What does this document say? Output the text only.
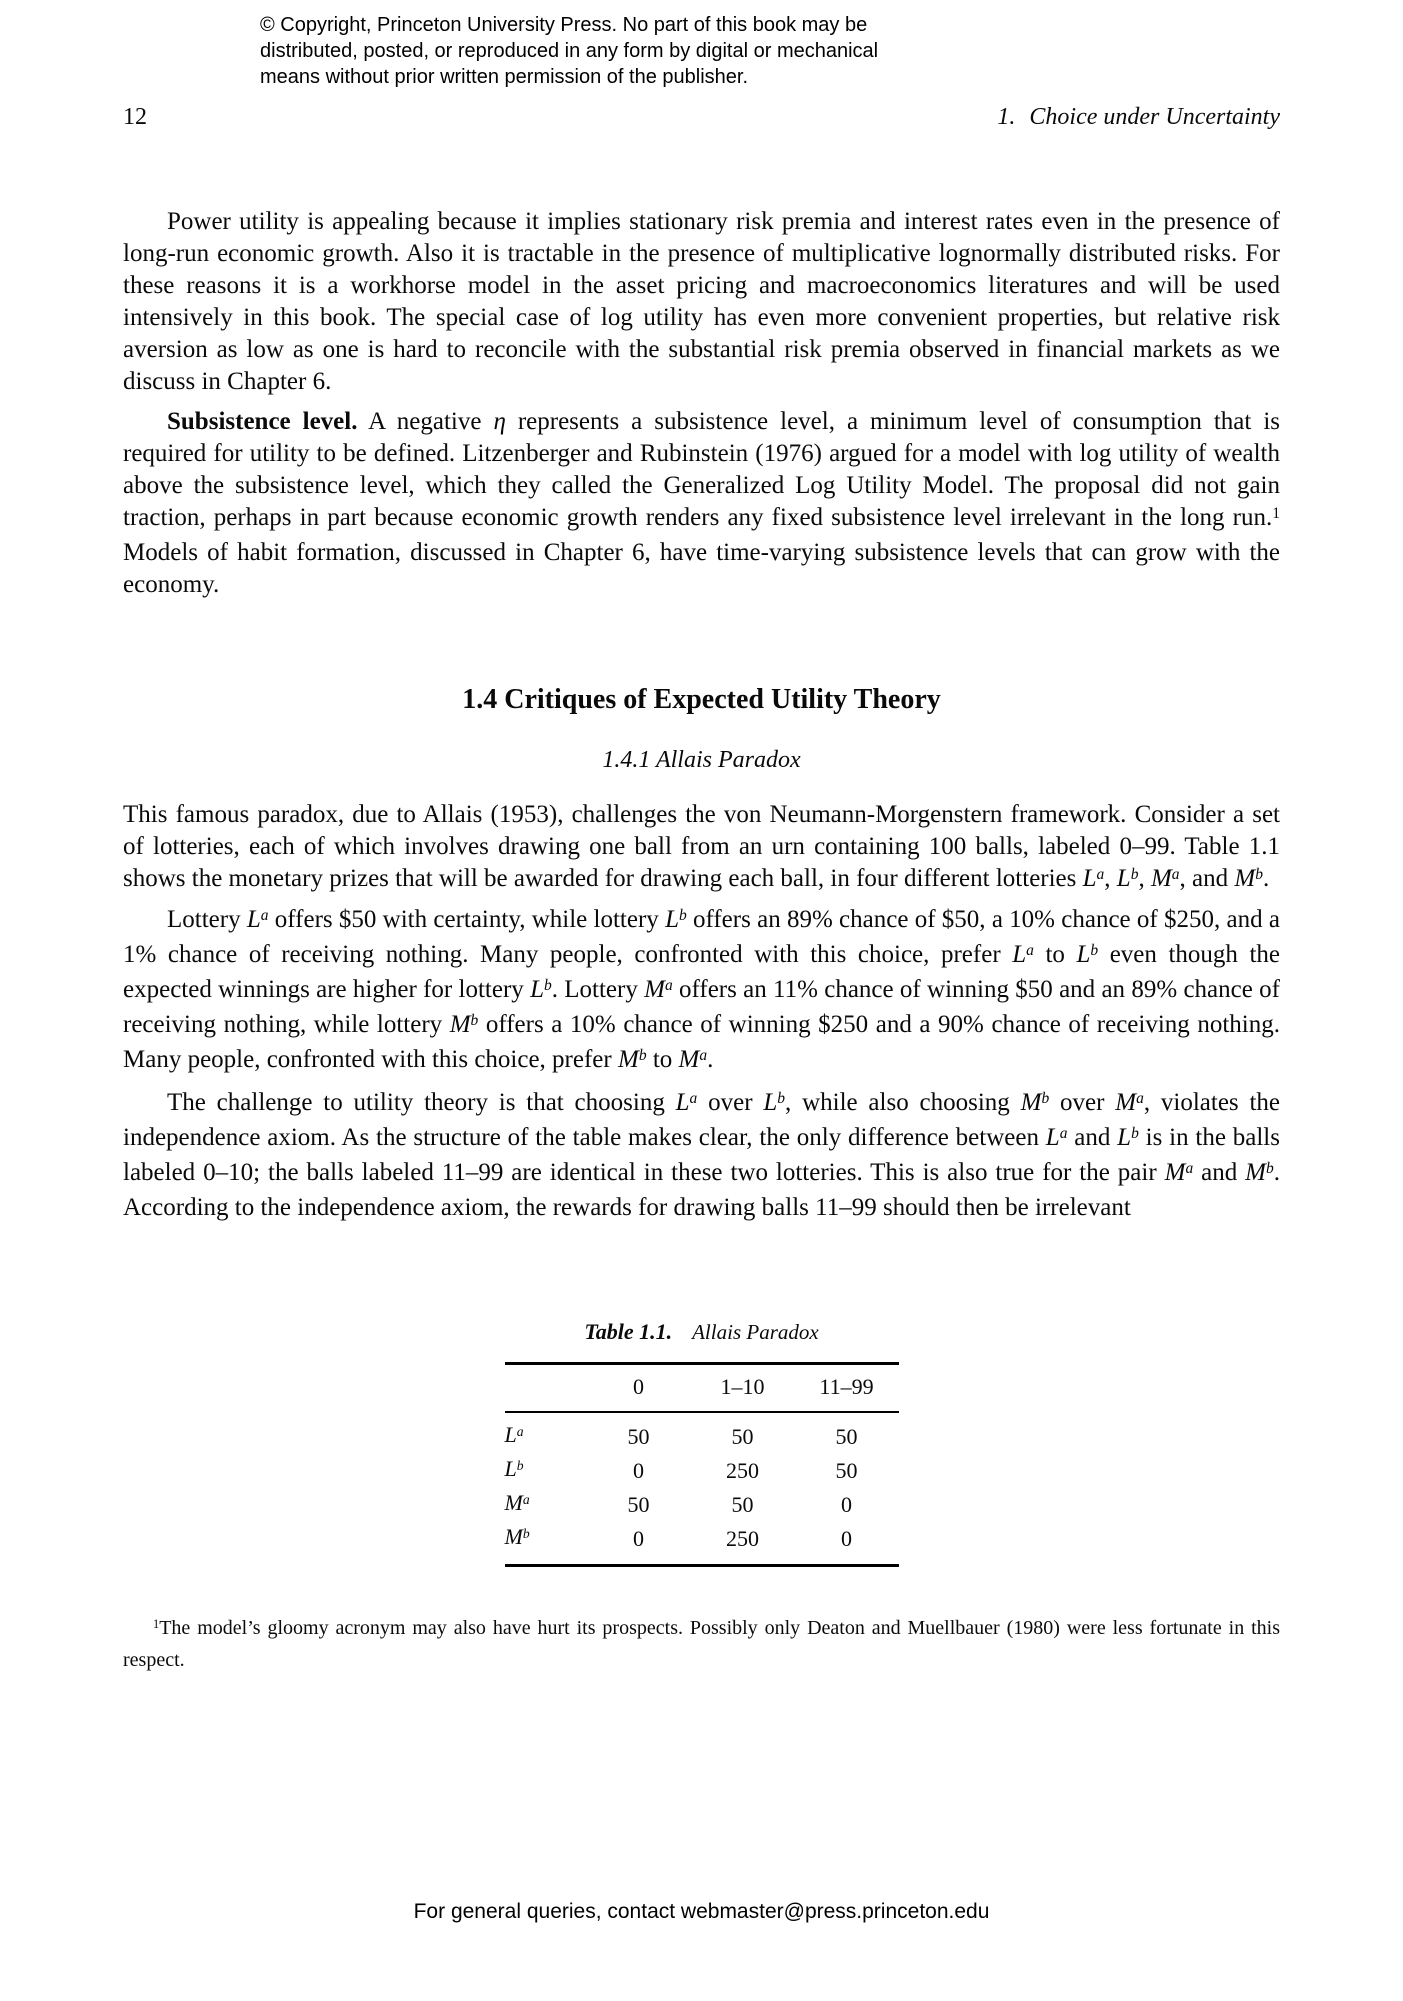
© Copyright, Princeton University Press. No part of this book may be
distributed, posted, or reproduced in any form by digital or mechanical
means without prior written permission of the publisher.
12	1. Choice under Uncertainty

Power utility is appealing because it implies stationary risk premia and interest rates even in the presence of long-run economic growth. Also it is tractable in the presence of multiplicative lognormally distributed risks. For these reasons it is a workhorse model in the asset pricing and macroeconomics literatures and will be used intensively in this book. The special case of log utility has even more convenient properties, but relative risk aversion as low as one is hard to reconcile with the substantial risk premia observed in financial markets as we discuss in Chapter 6.

Subsistence level. A negative η represents a subsistence level, a minimum level of consumption that is required for utility to be defined. Litzenberger and Rubinstein (1976) argued for a model with log utility of wealth above the subsistence level, which they called the Generalized Log Utility Model. The proposal did not gain traction, perhaps in part because economic growth renders any fixed subsistence level irrelevant in the long run.$^1$ Models of habit formation, discussed in Chapter 6, have time-varying subsistence levels that can grow with the economy.

1.4 Critiques of Expected Utility Theory
1.4.1 Allais Paradox

This famous paradox, due to Allais (1953), challenges the von Neumann-Morgenstern framework. Consider a set of lotteries, each of which involves drawing one ball from an urn containing 100 balls, labeled 0–99. Table 1.1 shows the monetary prizes that will be awarded for drawing each ball, in four different lotteries $L^a$, $L^b$, $M^a$, and $M^b$.

Lottery $L^a$ offers $50 with certainty, while lottery $L^b$ offers an 89% chance of $50, a 10% chance of $250, and a 1% chance of receiving nothing. Many people, confronted with this choice, prefer $L^a$ to $L^b$ even though the expected winnings are higher for lottery $L^b$. Lottery $M^a$ offers an 11% chance of winning $50 and an 89% chance of receiving nothing, while lottery $M^b$ offers a 10% chance of winning $250 and a 90% chance of receiving nothing. Many people, confronted with this choice, prefer $M^b$ to $M^a$.

The challenge to utility theory is that choosing $L^a$ over $L^b$, while also choosing $M^b$ over $M^a$, violates the independence axiom. As the structure of the table makes clear, the only difference between $L^a$ and $L^b$ is in the balls labeled 0–10; the balls labeled 11–99 are identical in these two lotteries. This is also true for the pair $M^a$ and $M^b$. According to the independence axiom, the rewards for drawing balls 11–99 should then be irrelevant

Table 1.1. Allais Paradox
	0	1–10	11–99
$L^a$	50	50	50
$L^b$	0	250	50
$M^a$	50	50	0
$M^b$	0	250	0
$^1$The model’s gloomy acronym may also have hurt its prospects. Possibly only Deaton and Muellbauer (1980) were less fortunate in this respect.
For general queries, contact webmaster@press.princeton.edu
